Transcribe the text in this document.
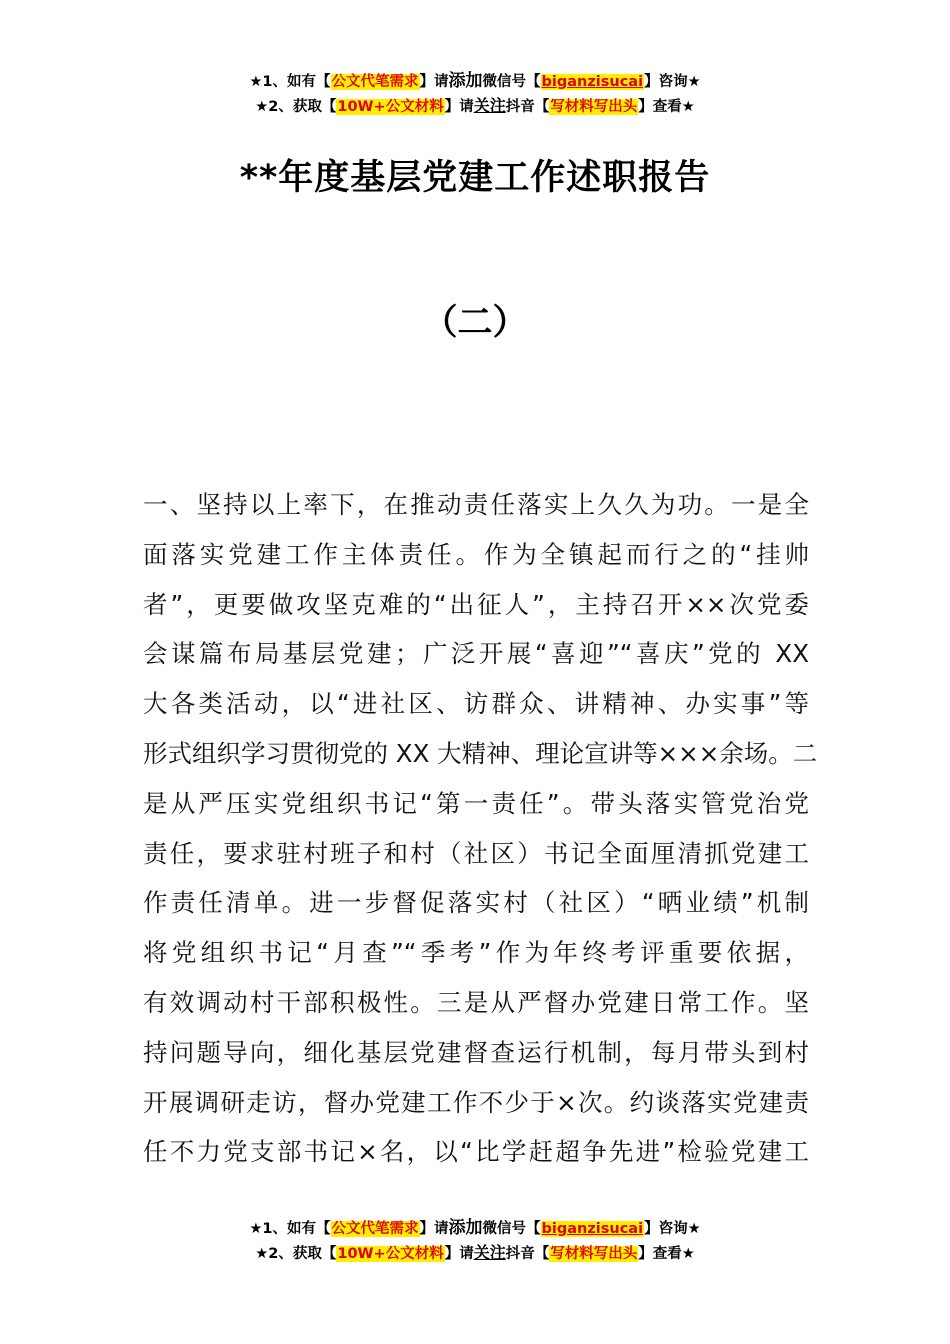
★1、如有【公文代笔需求】请添加微信号【biganzisucai】咨询★
★2、获取【10W+公文材料】请关注抖音【写材料写出头】查看★
**年度基层党建工作述职报告
（二）
一、坚持以上率下，在推动责任落实上久久为功。一是全
面落实党建工作主体责任。作为全镇起而行之的“挂帅
者”，更要做攻坚克难的“出征人”，主持召开××次党委
会谋篇布局基层党建；广泛开展“喜迎”“喜庆”党的 XX
大各类活动，以“进社区、访群众、讲精神、办实事”等
形式组织学习贯彻党的 XX 大精神、理论宣讲等×××余场。二
是从严压实党组织书记“第一责任”。带头落实管党治党
责任，要求驻村班子和村（社区）书记全面厘清抓党建工
作责任清单。进一步督促落实村（社区）“晒业绩”机制
将党组织书记“月查”“季考”作为年终考评重要依据，
有效调动村干部积极性。三是从严督办党建日常工作。坚
持问题导向，细化基层党建督查运行机制，每月带头到村
开展调研走访，督办党建工作不少于×次。约谈落实党建责
任不力党支部书记×名，以“比学赶超争先进”检验党建工
★1、如有【公文代笔需求】请添加微信号【biganzisucai】咨询★
★2、获取【10W+公文材料】请关注抖音【写材料写出头】查看★
